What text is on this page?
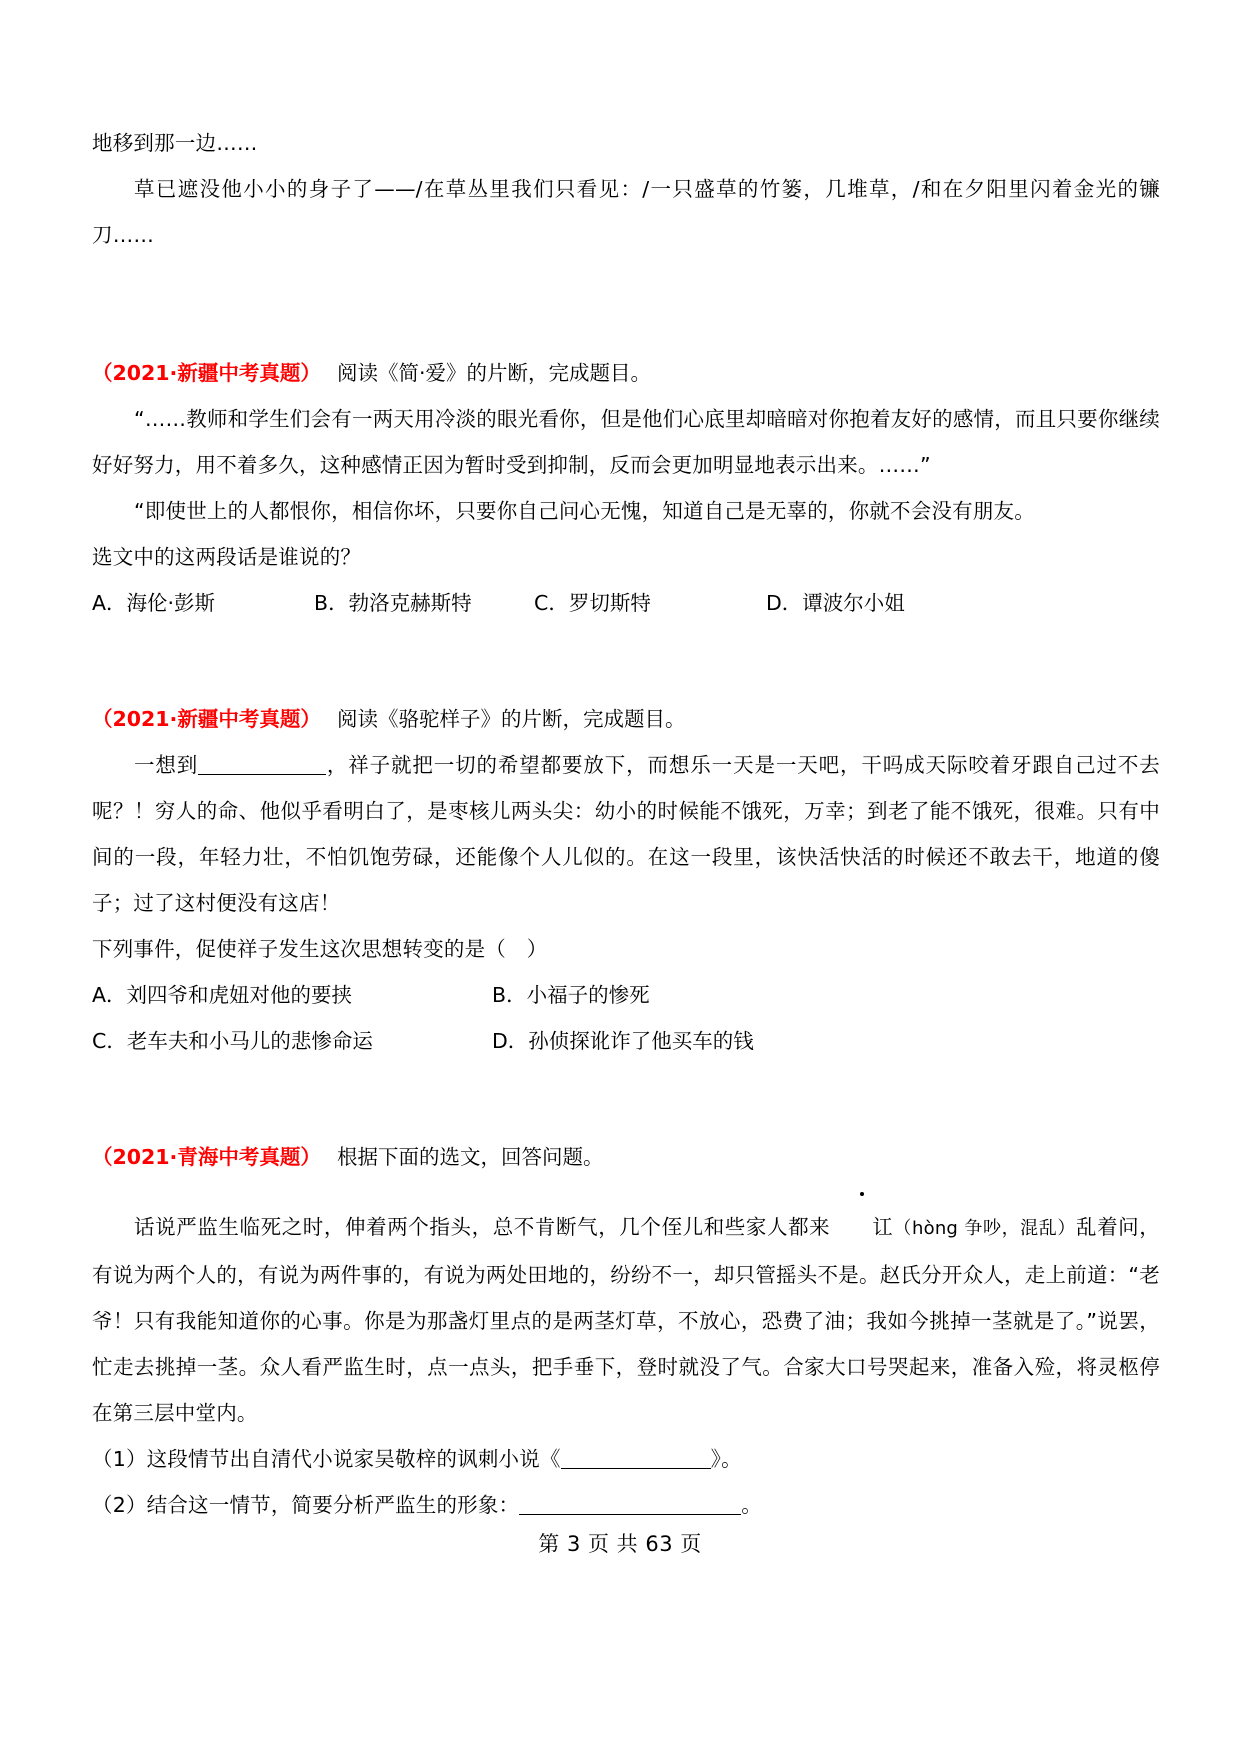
地移到那一边……

草已遮没他小小的身子了——/在草丛里我们只看见：/一只盛草的竹篓，几堆草，/和在夕阳里闪着金光的镰刀……

（2021·新疆中考真题） 阅读《简·爱》的片断，完成题目。

“……教师和学生们会有一两天用冷淡的眼光看你，但是他们心底里却暗暗对你抱着友好的感情，而且只要你继续好好努力，用不着多久，这种感情正因为暂时受到抑制，反而会更加明显地表示出来。……”

“即使世上的人都恨你，相信你坏，只要你自己问心无愧，知道自己是无辜的，你就不会没有朋友。

选文中的这两段话是谁说的？

A．海伦·彭斯	B．勃洛克赫斯特	C．罗切斯特	D．谭波尔小姐

（2021·新疆中考真题） 阅读《骆驼样子》的片断，完成题目。

一想到	，祥子就把一切的希望都要放下，而想乐一天是一天吧，干吗成天际咬着牙跟自己过不去呢？！穷人的命、他似乎看明白了，是枣核儿两头尖：幼小的时候能不饿死，万幸；到老了能不饿死，很难。只有中间的一段，年轻力壮，不怕饥饱劳碌，还能像个人儿似的。在这一段里，该快活快活的时候还不敢去干，地道的傻子；过了这村便没有这店！

下列事件，促使祥子发生这次思想转变的是（　）

A．刘四爷和虎妞对他的要挟	B．小福子的惨死
C．老车夫和小马儿的悲惨命运	D．孙侦探讹诈了他买车的钱

（2021·青海中考真题） 根据下面的选文，回答问题。

话说严监生临死之时，伸着两个指头，总不肯断气，几个侄儿和些家人都来 讧（hòng 争吵，混乱）乱着问，有说为两个人的，有说为两件事的，有说为两处田地的，纷纷不一，却只管摇头不是。赵氏分开众人，走上前道：“老爷！只有我能知道你的心事。你是为那盏灯里点的是两茎灯草，不放心，恐费了油；我如今挑掉一茎就是了。”说罢，忙走去挑掉一茎。众人看严监生时，点一点头，把手垂下，登时就没了气。合家大口号哭起来，准备入殓，将灵柩停在第三层中堂内。

（1）这段情节出自清代小说家吴敬梓的讽刺小说《	》。

（2）结合这一情节，简要分析严监生的形象：	。

第 3 页 共 63 页
